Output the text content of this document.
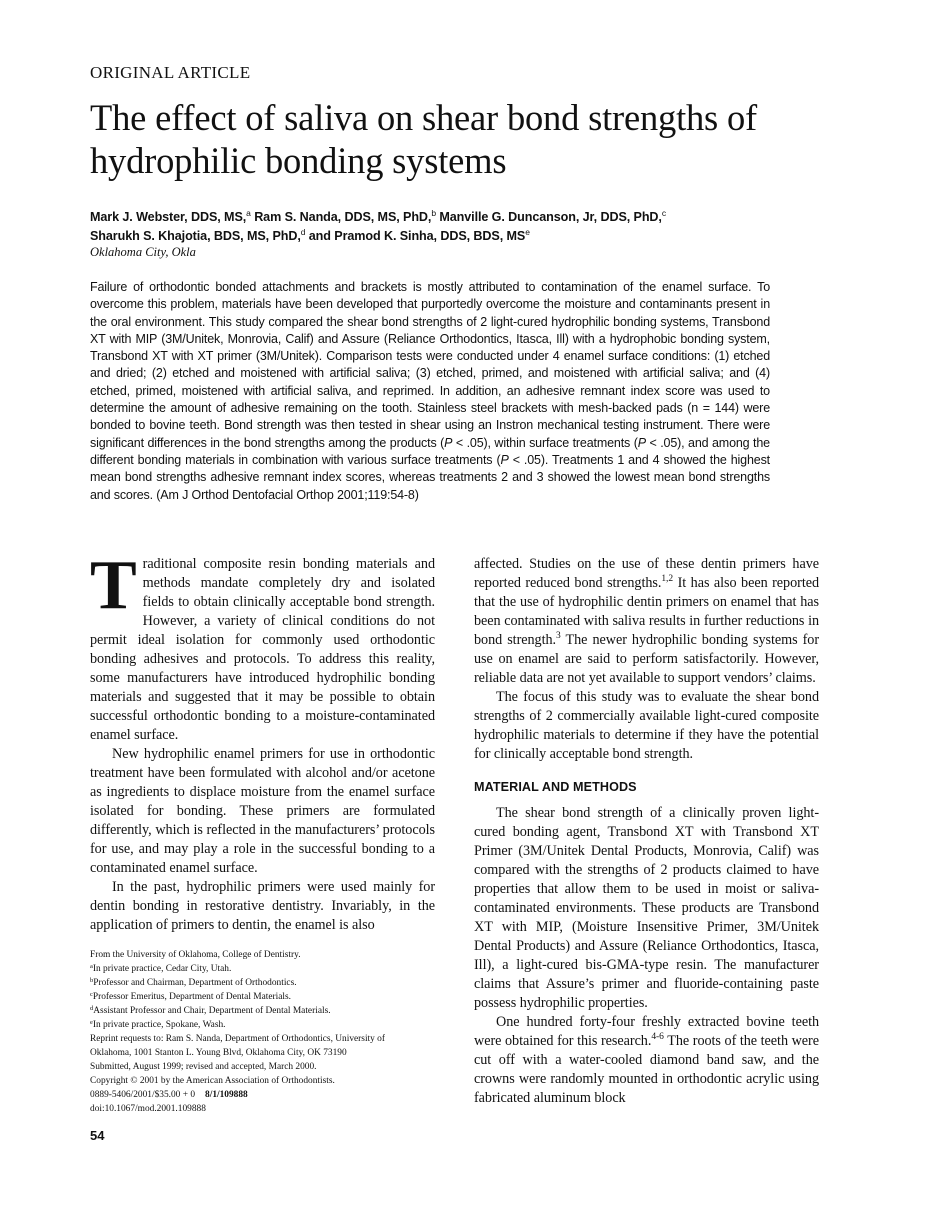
ORIGINAL ARTICLE
The effect of saliva on shear bond strengths of hydrophilic bonding systems
Mark J. Webster, DDS, MS,$^a$ Ram S. Nanda, DDS, MS, PhD,$^b$ Manville G. Duncanson, Jr, DDS, PhD,$^c$
Sharukh S. Khajotia, BDS, MS, PhD,$^d$ and Pramod K. Sinha, DDS, BDS, $MS^e$
Oklahoma City, Okla

Failure of orthodontic bonded attachments and brackets is mostly attributed to contamination of the enamel surface. To overcome this problem, materials have been developed that purportedly overcome the moisture and contaminants present in the oral environment. This study compared the shear bond strengths of 2 light-cured hydrophilic bonding systems, Transbond XT with MIP (3M/Unitek, Monrovia, Calif) and Assure (Reliance Orthodontics, Itasca, Ill) with a hydrophobic bonding system, Transbond XT with XT primer (3M/Unitek). Comparison tests were conducted under 4 enamel surface conditions: (1) etched and dried; (2) etched and moistened with artificial saliva; (3) etched, primed, and moistened with artificial saliva; and (4) etched, primed, moistened with artificial saliva, and reprimed. In addition, an adhesive remnant index score was used to determine the amount of adhesive remaining on the tooth. Stainless steel brackets with mesh-backed pads (n = 144) were bonded to bovine teeth. Bond strength was then tested in shear using an Instron mechanical testing instrument. There were significant differences in the bond strengths among the products (P < .05), within surface treatments (P < .05), and among the different bonding materials in combination with various surface treatments (P < .05). Treatments 1 and 4 showed the highest mean bond strengths adhesive remnant index scores, whereas treatments 2 and 3 showed the lowest mean bond strengths and scores. (Am J Orthod Dentofacial Orthop 2001;119:54-8)

Traditional composite resin bonding materials and methods mandate completely dry and isolated fields to obtain clinically acceptable bond strength. However, a variety of clinical conditions do not permit ideal isolation for commonly used orthodontic bonding adhesives and protocols. To address this reality, some manufacturers have introduced hydrophilic bonding materials and suggested that it may be possible to obtain successful orthodontic bonding to a moisture-contaminated enamel surface.

New hydrophilic enamel primers for use in orthodontic treatment have been formulated with alcohol and/or acetone as ingredients to displace moisture from the enamel surface isolated for bonding. These primers are formulated differently, which is reflected in the manufacturers’ protocols for use, and may play a role in the successful bonding to a contaminated enamel surface.

In the past, hydrophilic primers were used mainly for dentin bonding in restorative dentistry. Invariably, in the application of primers to dentin, the enamel is also

affected. Studies on the use of these dentin primers have reported reduced bond strengths.$^{1,2}$ It has also been reported that the use of hydrophilic dentin primers on enamel that has been contaminated with saliva results in further reductions in bond strength.$^3$ The newer hydrophilic bonding systems for use on enamel are said to perform satisfactorily. However, reliable data are not yet available to support vendors’ claims.

The focus of this study was to evaluate the shear bond strengths of 2 commercially available light-cured composite hydrophilic materials to determine if they have the potential for clinically acceptable bond strength.

MATERIAL AND METHODS

The shear bond strength of a clinically proven light-cured bonding agent, Transbond XT with Transbond XT Primer (3M/Unitek Dental Products, Monrovia, Calif) was compared with the strengths of 2 products claimed to have properties that allow them to be used in moist or saliva-contaminated environments. These products are Transbond XT with MIP, (Moisture Insensitive Primer, 3M/Unitek Dental Products) and Assure (Reliance Orthodontics, Itasca, Ill), a light-cured bis-GMA-type resin. The manufacturer claims that Assure’s primer and fluoride-containing paste possess hydrophilic properties.

One hundred forty-four freshly extracted bovine teeth were obtained for this research.$^{4-6}$ The roots of the teeth were cut off with a water-cooled diamond band saw, and the crowns were randomly mounted in orthodontic acrylic using fabricated aluminum block

From the University of Oklahoma, College of Dentistry.
$^a$In private practice, Cedar City, Utah.
$^b$Professor and Chairman, Department of Orthodontics.
$^c$Professor Emeritus, Department of Dental Materials.
$^d$Assistant Professor and Chair, Department of Dental Materials.
$^e$In private practice, Spokane, Wash.
Reprint requests to: Ram S. Nanda, Department of Orthodontics, University of
Oklahoma, 1001 Stanton L. Young Blvd, Oklahoma City, OK 73190
Submitted, August 1999; revised and accepted, March 2000.
Copyright © 2001 by the American Association of Orthodontists.
0889-5406/2001/$35.00 + 0 8/1/109888
doi:10.1067/mod.2001.109888
54
